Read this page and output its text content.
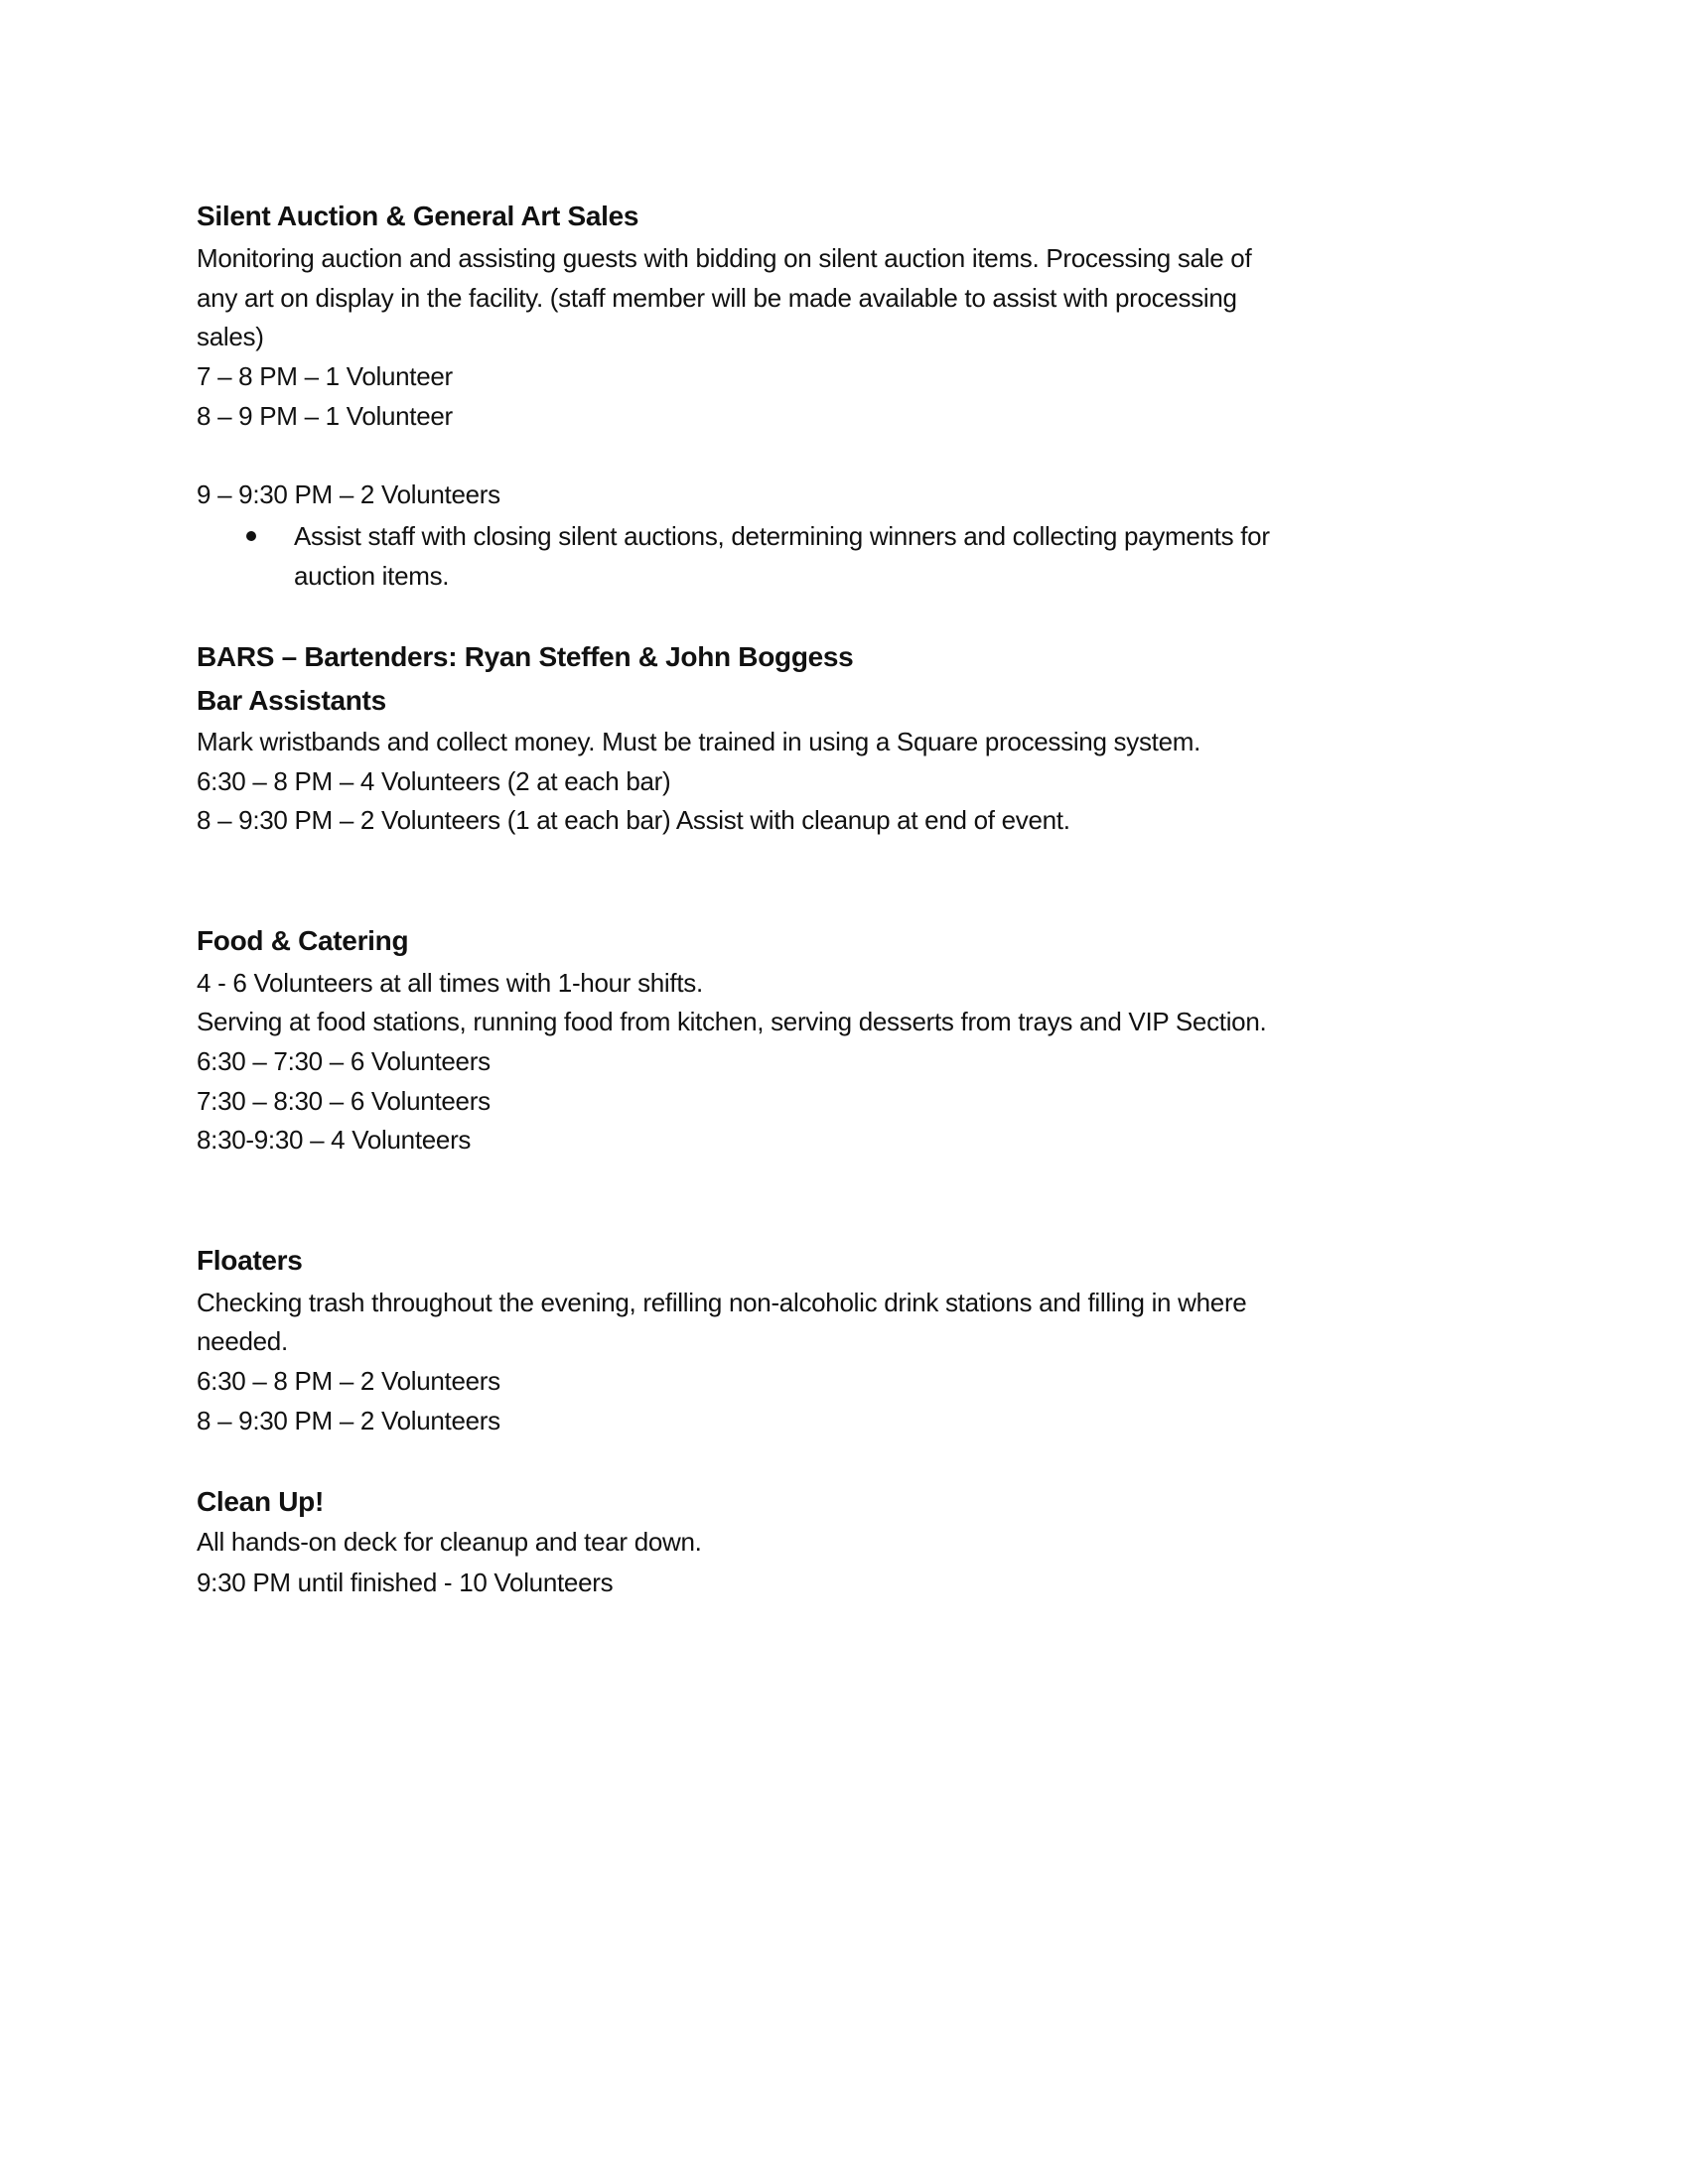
Silent Auction & General Art Sales
Monitoring auction and assisting guests with bidding on silent auction items. Processing sale of
any art on display in the facility. (staff member will be made available to assist with processing
sales)
7 – 8 PM – 1 Volunteer
8 – 9 PM – 1 Volunteer
9 – 9:30 PM – 2 Volunteers
Assist staff with closing silent auctions, determining winners and collecting payments for
auction items.
BARS – Bartenders: Ryan Steffen & John Boggess
Bar Assistants
Mark wristbands and collect money. Must be trained in using a Square processing system.
6:30 – 8 PM – 4 Volunteers (2 at each bar)
8 – 9:30 PM – 2 Volunteers (1 at each bar) Assist with cleanup at end of event.
Food & Catering
4 - 6 Volunteers at all times with 1-hour shifts.
Serving at food stations, running food from kitchen, serving desserts from trays and VIP Section.
6:30 – 7:30 – 6 Volunteers
7:30 – 8:30 – 6 Volunteers
8:30-9:30 – 4 Volunteers
Floaters
Checking trash throughout the evening, refilling non-alcoholic drink stations and filling in where
needed.
6:30 – 8 PM – 2 Volunteers
8 – 9:30 PM – 2 Volunteers
Clean Up!
All hands-on deck for cleanup and tear down.
9:30 PM until finished - 10 Volunteers
